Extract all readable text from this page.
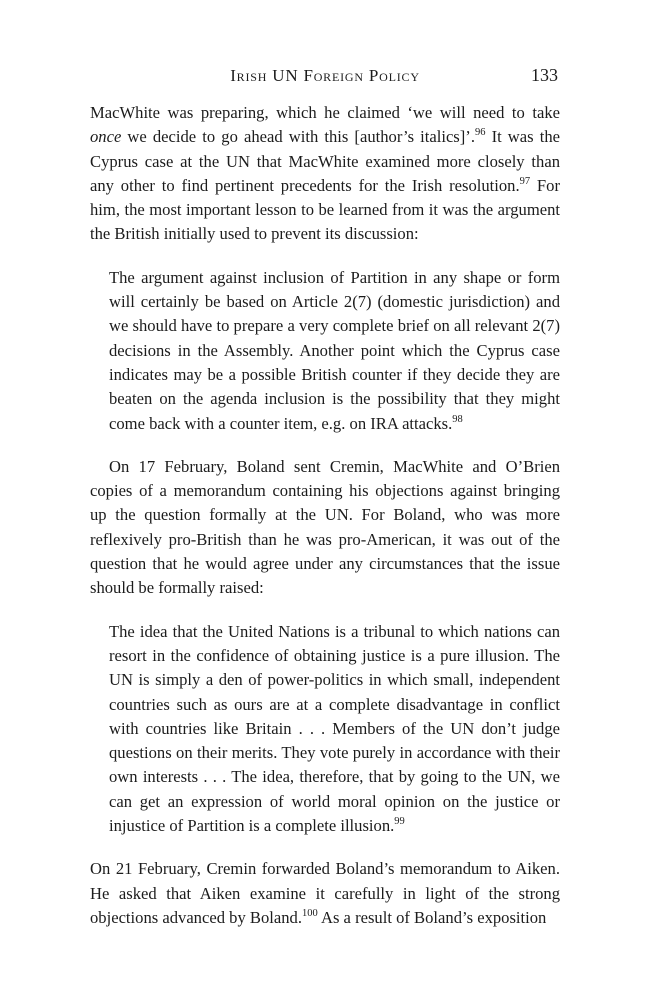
Irish UN Foreign Policy	133

MacWhite was preparing, which he claimed ‘we will need to take once we decide to go ahead with this [author’s italics]’.$^{96}$ It was the Cyprus case at the UN that MacWhite examined more closely than any other to find pertinent precedents for the Irish resolution.$^{97}$ For him, the most important lesson to be learned from it was the argument the British initially used to prevent its discussion:

The argument against inclusion of Partition in any shape or form will certainly be based on Article 2(7) (domestic jurisdiction) and we should have to prepare a very complete brief on all relevant 2(7) decisions in the Assembly. Another point which the Cyprus case indicates may be a possible British counter if they decide they are beaten on the agenda inclusion is the possibility that they might come back with a counter item, e.g. on IRA attacks.$^{98}$

On 17 February, Boland sent Cremin, MacWhite and O’Brien copies of a memorandum containing his objections against bringing up the question formally at the UN. For Boland, who was more reflexively pro-British than he was pro-American, it was out of the question that he would agree under any circumstances that the issue should be formally raised:

The idea that the United Nations is a tribunal to which nations can resort in the confidence of obtaining justice is a pure illusion. The UN is simply a den of power-politics in which small, independent countries such as ours are at a complete disadvantage in conflict with countries like Britain . . . Members of the UN don’t judge questions on their merits. They vote purely in accordance with their own interests . . . The idea, therefore, that by going to the UN, we can get an expression of world moral opinion on the justice or injustice of Partition is a complete illusion.$^{99}$

On 21 February, Cremin forwarded Boland’s memorandum to Aiken. He asked that Aiken examine it carefully in light of the strong objections advanced by Boland.$^{100}$ As a result of Boland’s exposition
